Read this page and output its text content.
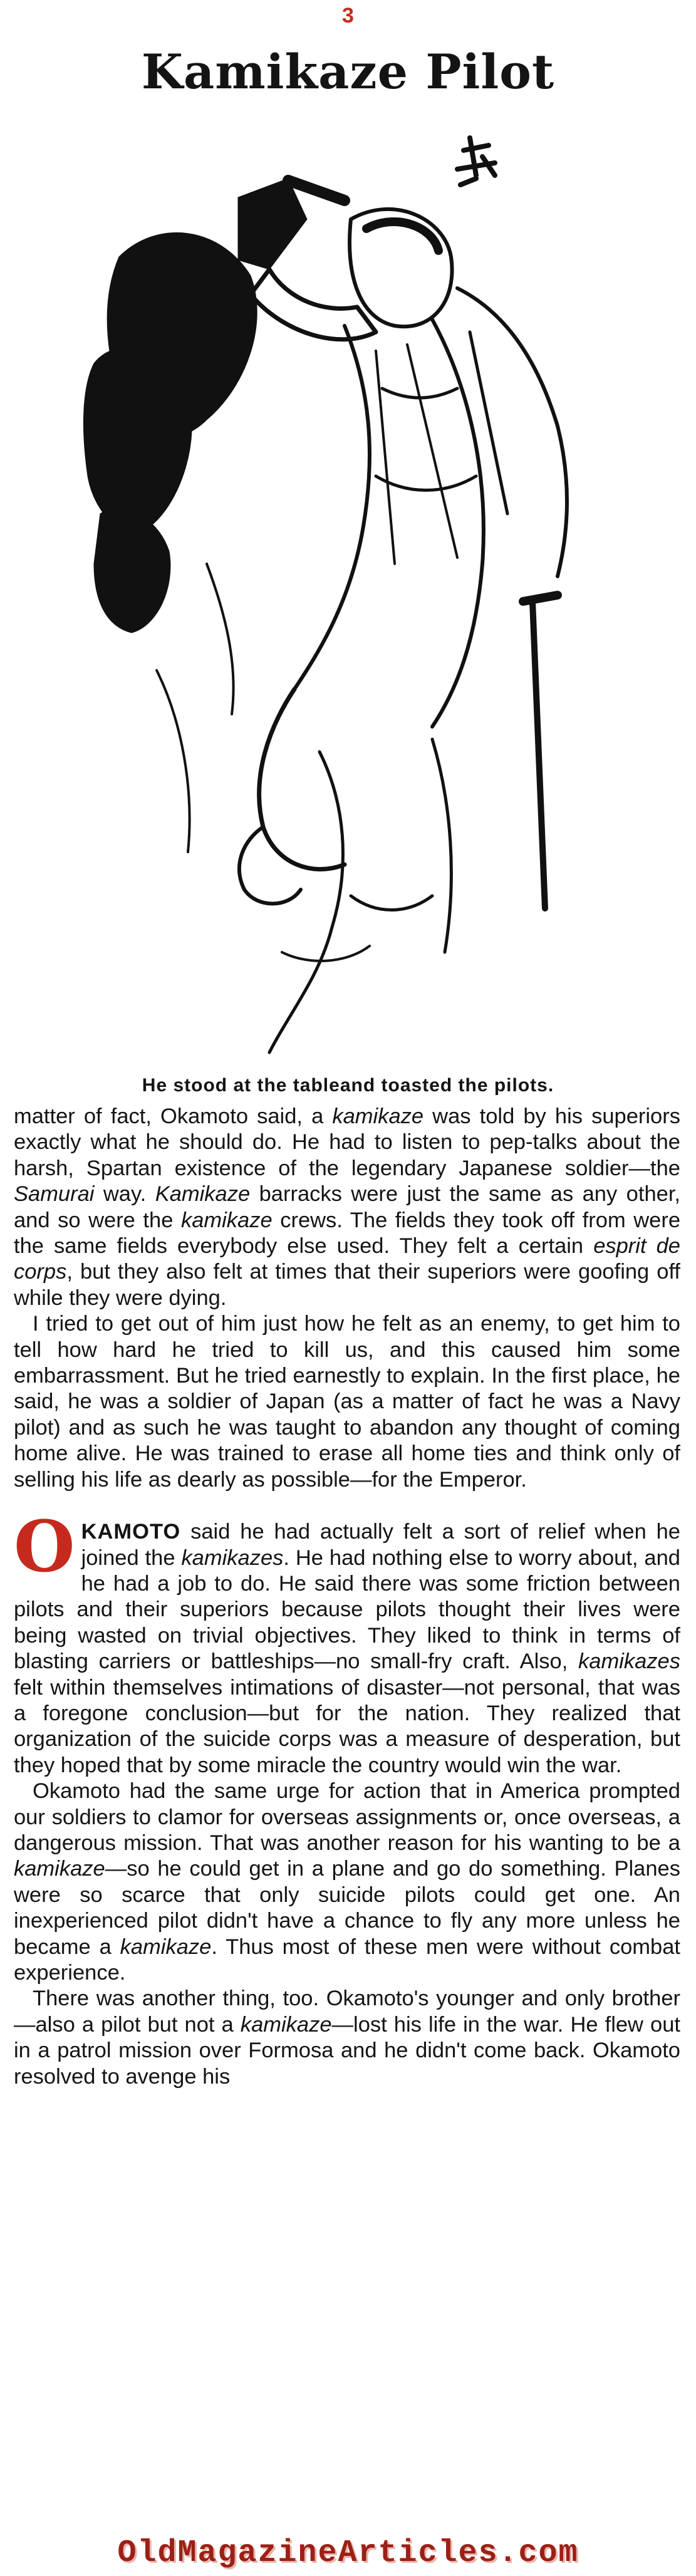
3
Kamikaze Pilot
He stood at the tableand toasted the pilots.

matter of fact, Okamoto said, a kamikaze was told by his superiors exactly what he should do. He had to listen to pep-talks about the harsh, Spartan existence of the legendary Japanese soldier—the Samurai way. Kamikaze barracks were just the same as any other, and so were the kamikaze crews. The fields they took off from were the same fields everybody else used. They felt a certain esprit de corps, but they also felt at times that their superiors were goofing off while they were dying.

I tried to get out of him just how he felt as an enemy, to get him to tell how hard he tried to kill us, and this caused him some embarrassment. But he tried earnestly to explain. In the first place, he said, he was a soldier of Japan (as a matter of fact he was a Navy pilot) and as such he was taught to abandon any thought of coming home alive. He was trained to erase all home ties and think only of selling his life as dearly as possible—for the Emperor.

OKAMOTO said he had actually felt a sort of relief when he joined the kamikazes. He had nothing else to worry about, and he had a job to do. He said there was some friction between pilots and their superiors because pilots thought their lives were being wasted on trivial objectives. They liked to think in terms of blasting carriers or battleships—no small-fry craft. Also, kamikazes felt within themselves intimations of disaster—not personal, that was a foregone conclusion—but for the nation. They realized that organization of the suicide corps was a measure of desperation, but they hoped that by some miracle the country would win the war.

Okamoto had the same urge for action that in America prompted our soldiers to clamor for overseas assignments or, once overseas, a dangerous mission. That was another reason for his wanting to be a kamikaze—so he could get in a plane and go do something. Planes were so scarce that only suicide pilots could get one. An inexperienced pilot didn't have a chance to fly any more unless he became a kamikaze. Thus most of these men were without combat experience.

There was another thing, too. Okamoto's younger and only brother—also a pilot but not a kamikaze—lost his life in the war. He flew out in a patrol mission over Formosa and he didn't come back. Okamoto resolved to avenge his

OldMagazineArticles.com
